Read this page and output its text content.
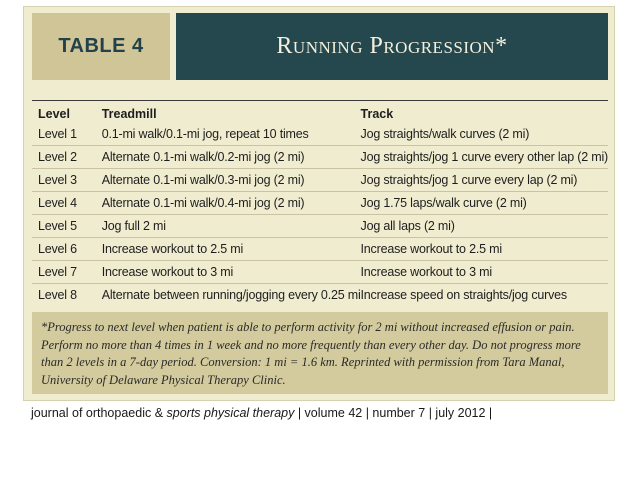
TABLE 4	Running Progression*
Level	Treadmill	Track
Level 1	0.1-mi walk/0.1-mi jog, repeat 10 times	Jog straights/walk curves (2 mi)
Level 2	Alternate 0.1-mi walk/0.2-mi jog (2 mi)	Jog straights/jog 1 curve every other lap (2 mi)
Level 3	Alternate 0.1-mi walk/0.3-mi jog (2 mi)	Jog straights/jog 1 curve every lap (2 mi)
Level 4	Alternate 0.1-mi walk/0.4-mi jog (2 mi)	Jog 1.75 laps/walk curve (2 mi)
Level 5	Jog full 2 mi	Jog all laps (2 mi)
Level 6	Increase workout to 2.5 mi	Increase workout to 2.5 mi
Level 7	Increase workout to 3 mi	Increase workout to 3 mi
Level 8	Alternate between running/jogging every 0.25 mi	Increase speed on straights/jog curves
*Progress to next level when patient is able to perform activity for 2 mi without increased effusion or pain. Perform no more than 4 times in 1 week and no more frequently than every other day. Do not progress more than 2 levels in a 7-day period. Conversion: 1 mi = 1.6 km. Reprinted with permission from Tara Manal, University of Delaware Physical Therapy Clinic.
journal of orthopaedic & sports physical therapy | volume 42 | number 7 | july 2012 |
